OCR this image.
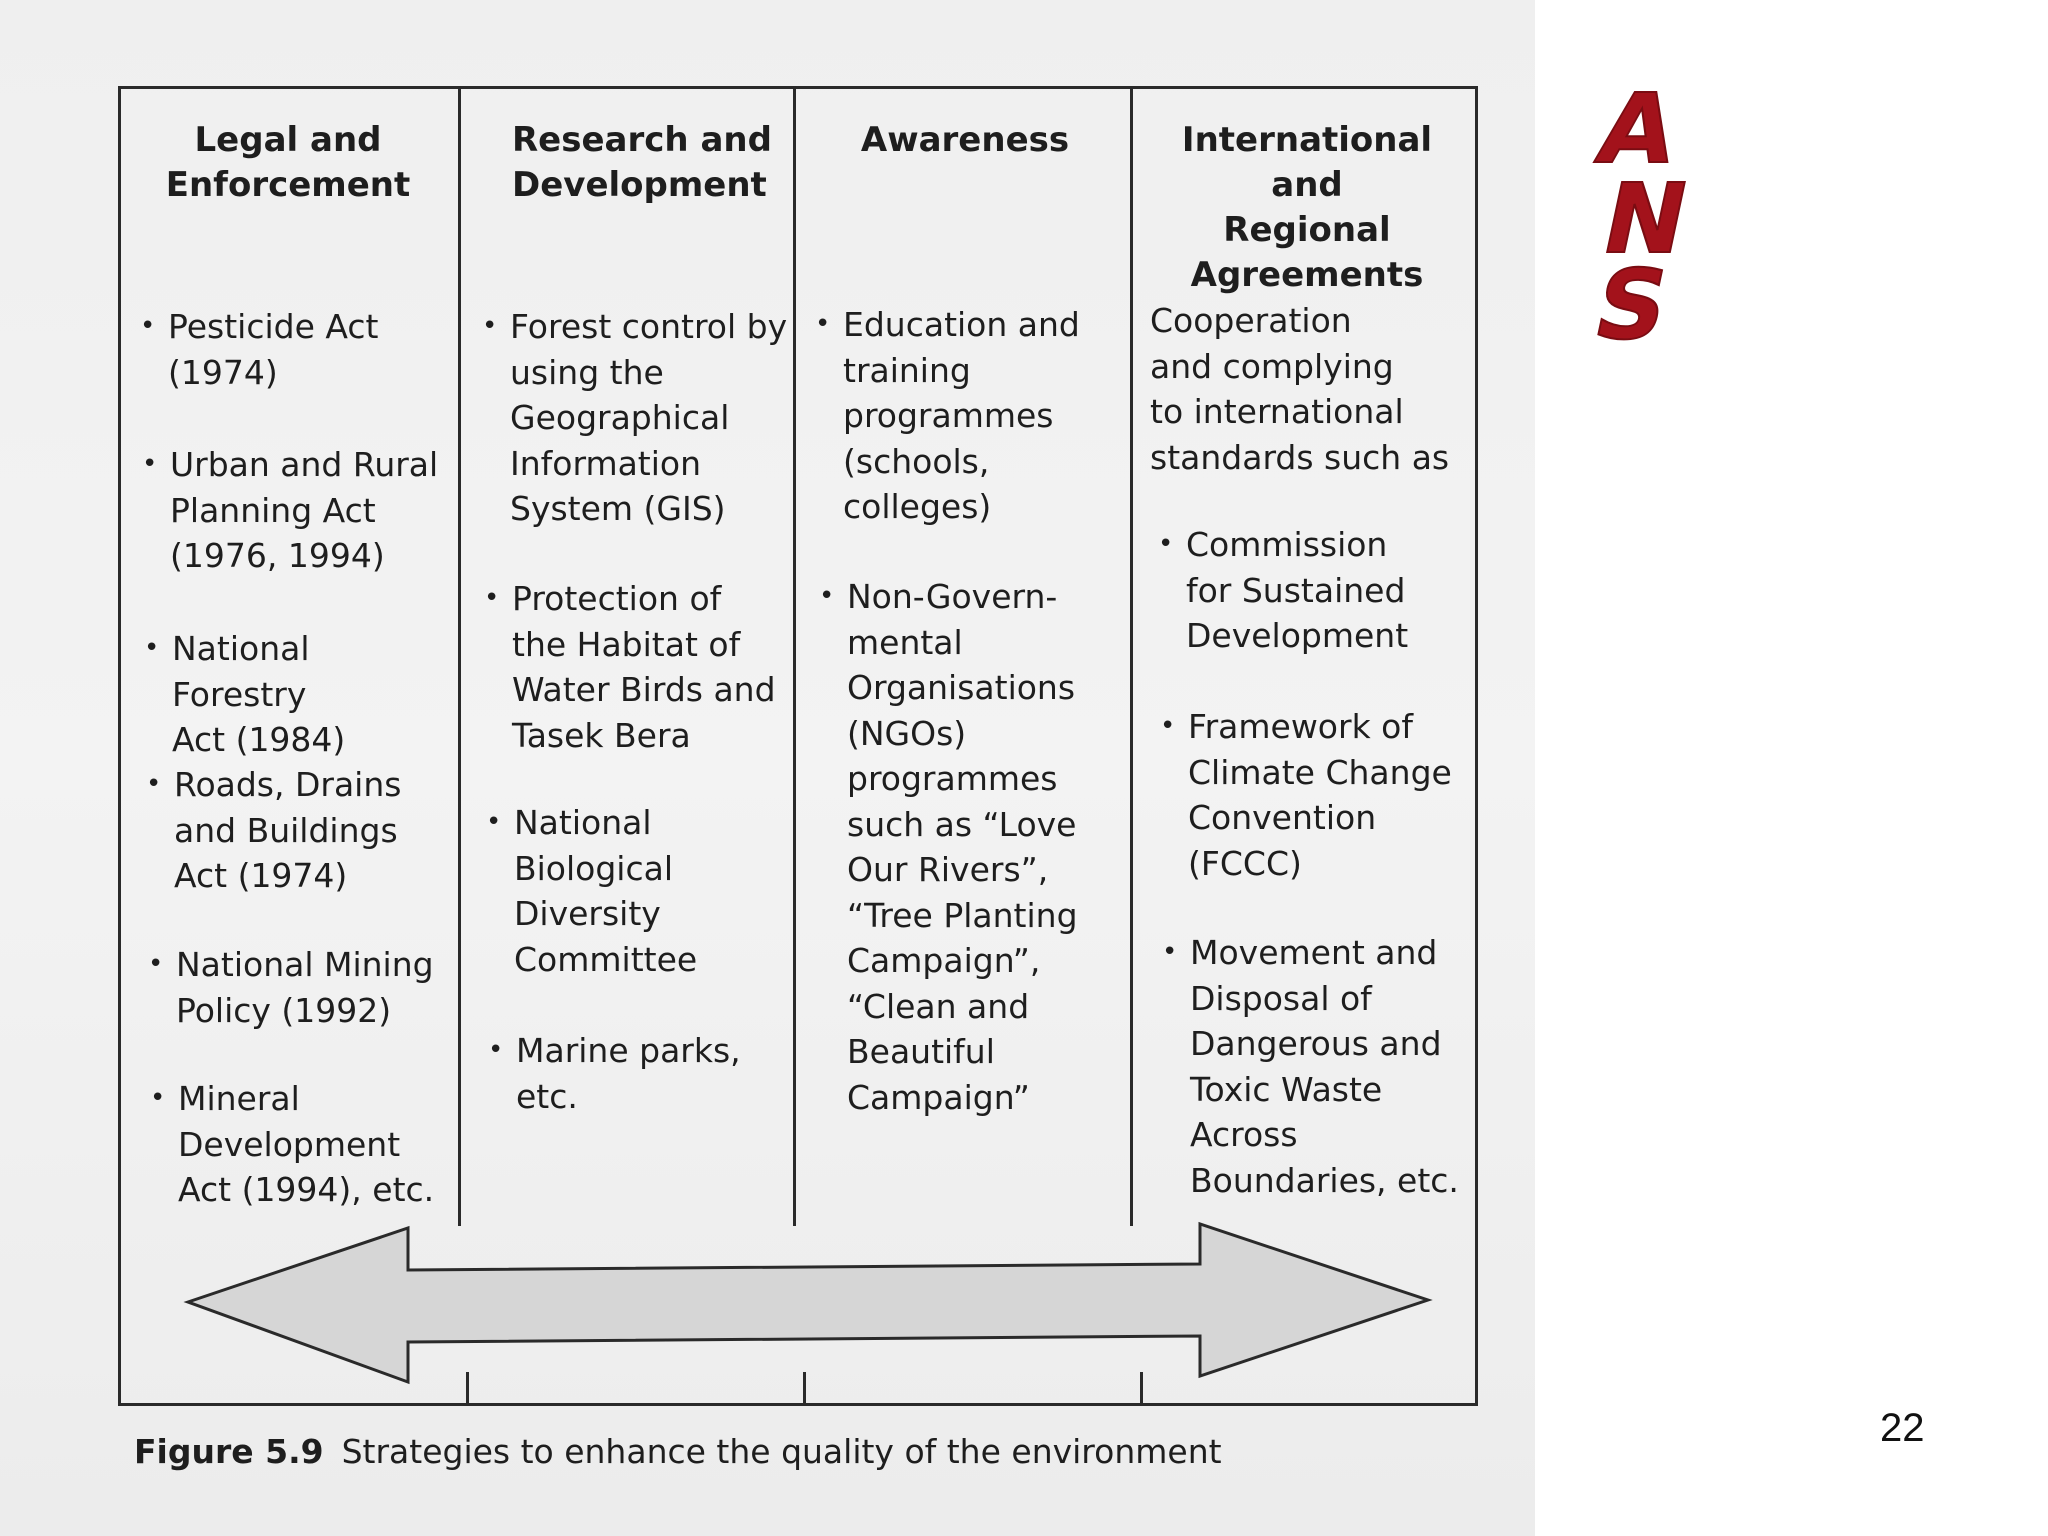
Legal and
Enforcement
• Pesticide Act
(1974)
• Urban and Rural
Planning Act
(1976, 1994)
• National Forestry
Act (1984)
• Roads, Drains
and Buildings
Act (1974)
• National Mining
Policy (1992)
• Mineral
Development
Act (1994), etc.
Research and
Development
• Forest control by
using the
Geographical
Information
System (GIS)
• Protection of
the Habitat of
Water Birds and
Tasek Bera
• National
Biological
Diversity
Committee
• Marine parks,
etc.
Awareness
• Education and
training
programmes
(schools,
colleges)
• Non-Govern-
mental
Organisations
(NGOs)
programmes
such as “Love
Our Rivers”,
“Tree Planting
Campaign”,
“Clean and
Beautiful
Campaign”
International and
Regional
Agreements
Cooperation
and complying
to international
standards such as
• Commission
for Sustained
Development
• Framework of
Climate Change
Convention
(FCCC)
• Movement and
Disposal of
Dangerous and
Toxic Waste
Across
Boundaries, etc.
Figure 5.9 Strategies to enhance the quality of the environment
A
N
S
22
